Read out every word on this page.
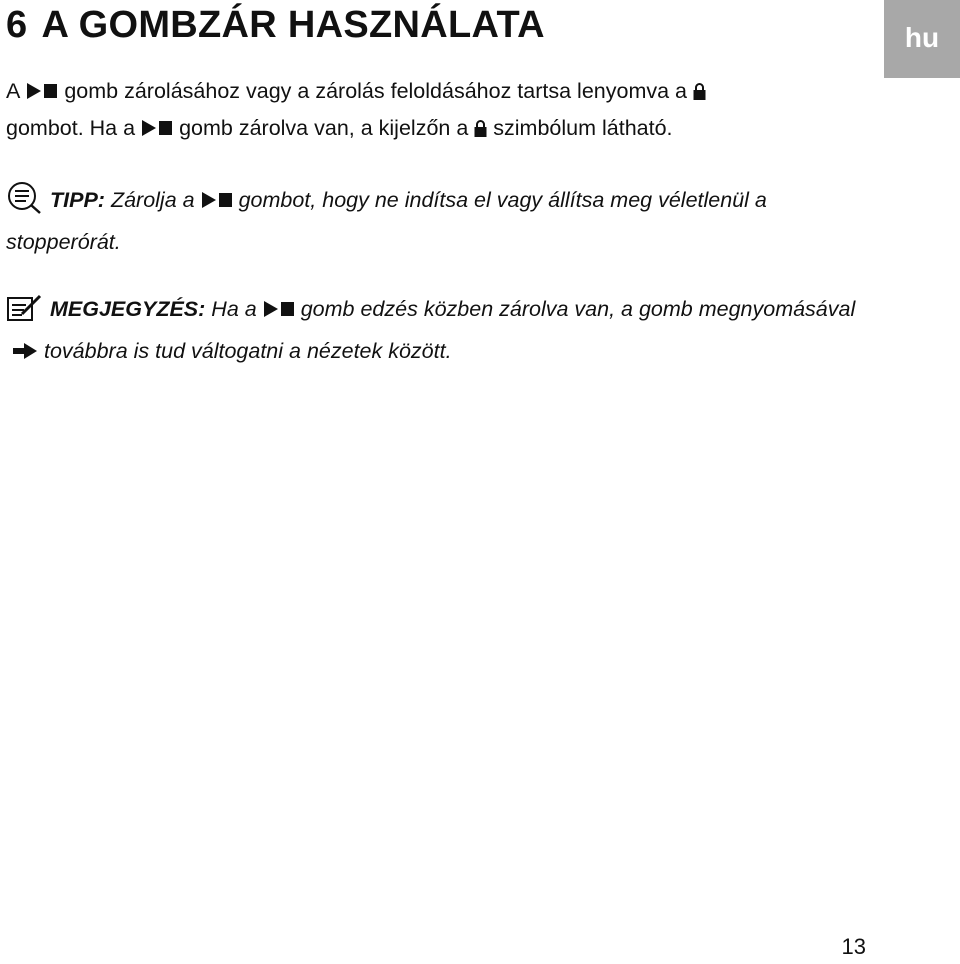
6 A GOMBZÁR HASZNÁLATA	hu

A gomb zárolásához vagy a zárolás feloldásához tartsa lenyomva a
gombot. Ha a gomb zárolva van, a kijelzőn a szimbólum látható.

TIPP: Zárolja a gombot, hogy ne indítsa el vagy állítsa meg véletlenül a stopperórát.

MEGJEGYZÉS: Ha a gomb edzés közben zárolva van, a gomb megnyomásával
továbbra is tud váltogatni a nézetek között.

13
